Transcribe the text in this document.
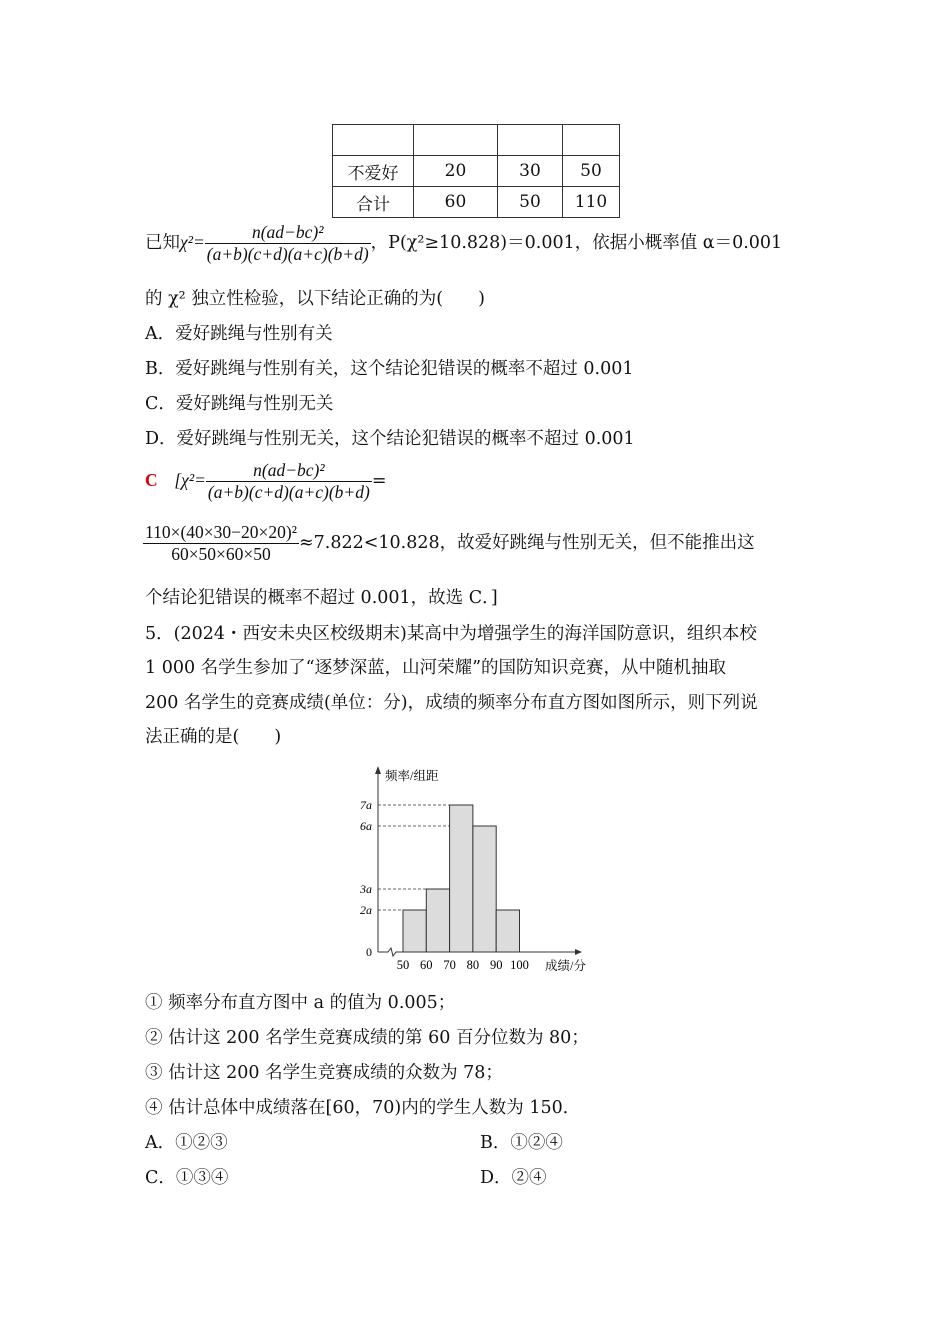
不爱好	20	30	50
合计	60	50	110
已知$\chi^2= \frac{\text{n(ad−bc)²}}{(a+b)(c+d)(a+c)(b+d)}$ ，P(χ²≥10.828)＝0.001，依据小概率值 α＝0.001
的 χ² 独立性检验，以下结论正确的为(　　)
A．爱好跳绳与性别有关
B．爱好跳绳与性别有关，这个结论犯错误的概率不超过 0.001
C．爱好跳绳与性别无关
D．爱好跳绳与性别无关，这个结论犯错误的概率不超过 0.001
C [$\chi^2= \frac{\text{n(ad−bc)²}}{(a+b)(c+d)(a+c)(b+d)}$ =
$\frac{\text{110×(40×30−20×20)²}}{60\times 50\times 60\times 50} \approx 7.822<10.828$，故爱好跳绳与性别无关，但不能推出这
个结论犯错误的概率不超过 0.001，故选 C．]
5．(2024・西安未央区校级期末)某高中为增强学生的海洋国防意识，组织本校
1 000 名学生参加了“逐梦深蓝，山河荣耀”的国防知识竞赛，从中随机抽取
200 名学生的竞赛成绩(单位：分)，成绩的频率分布直方图如图所示，则下列说
法正确的是(　　)
0
2a
3a
6a
7a
50 60 70 80 90 100
频率/组距
成绩/分
① 频率分布直方图中 a 的值为 0.005；
② 估计这 200 名学生竞赛成绩的第 60 百分位数为 80；
③ 估计这 200 名学生竞赛成绩的众数为 78；
④ 估计总体中成绩落在[60，70)内的学生人数为 150．
A．①②③	B．①②④
C．①③④	D．②④
